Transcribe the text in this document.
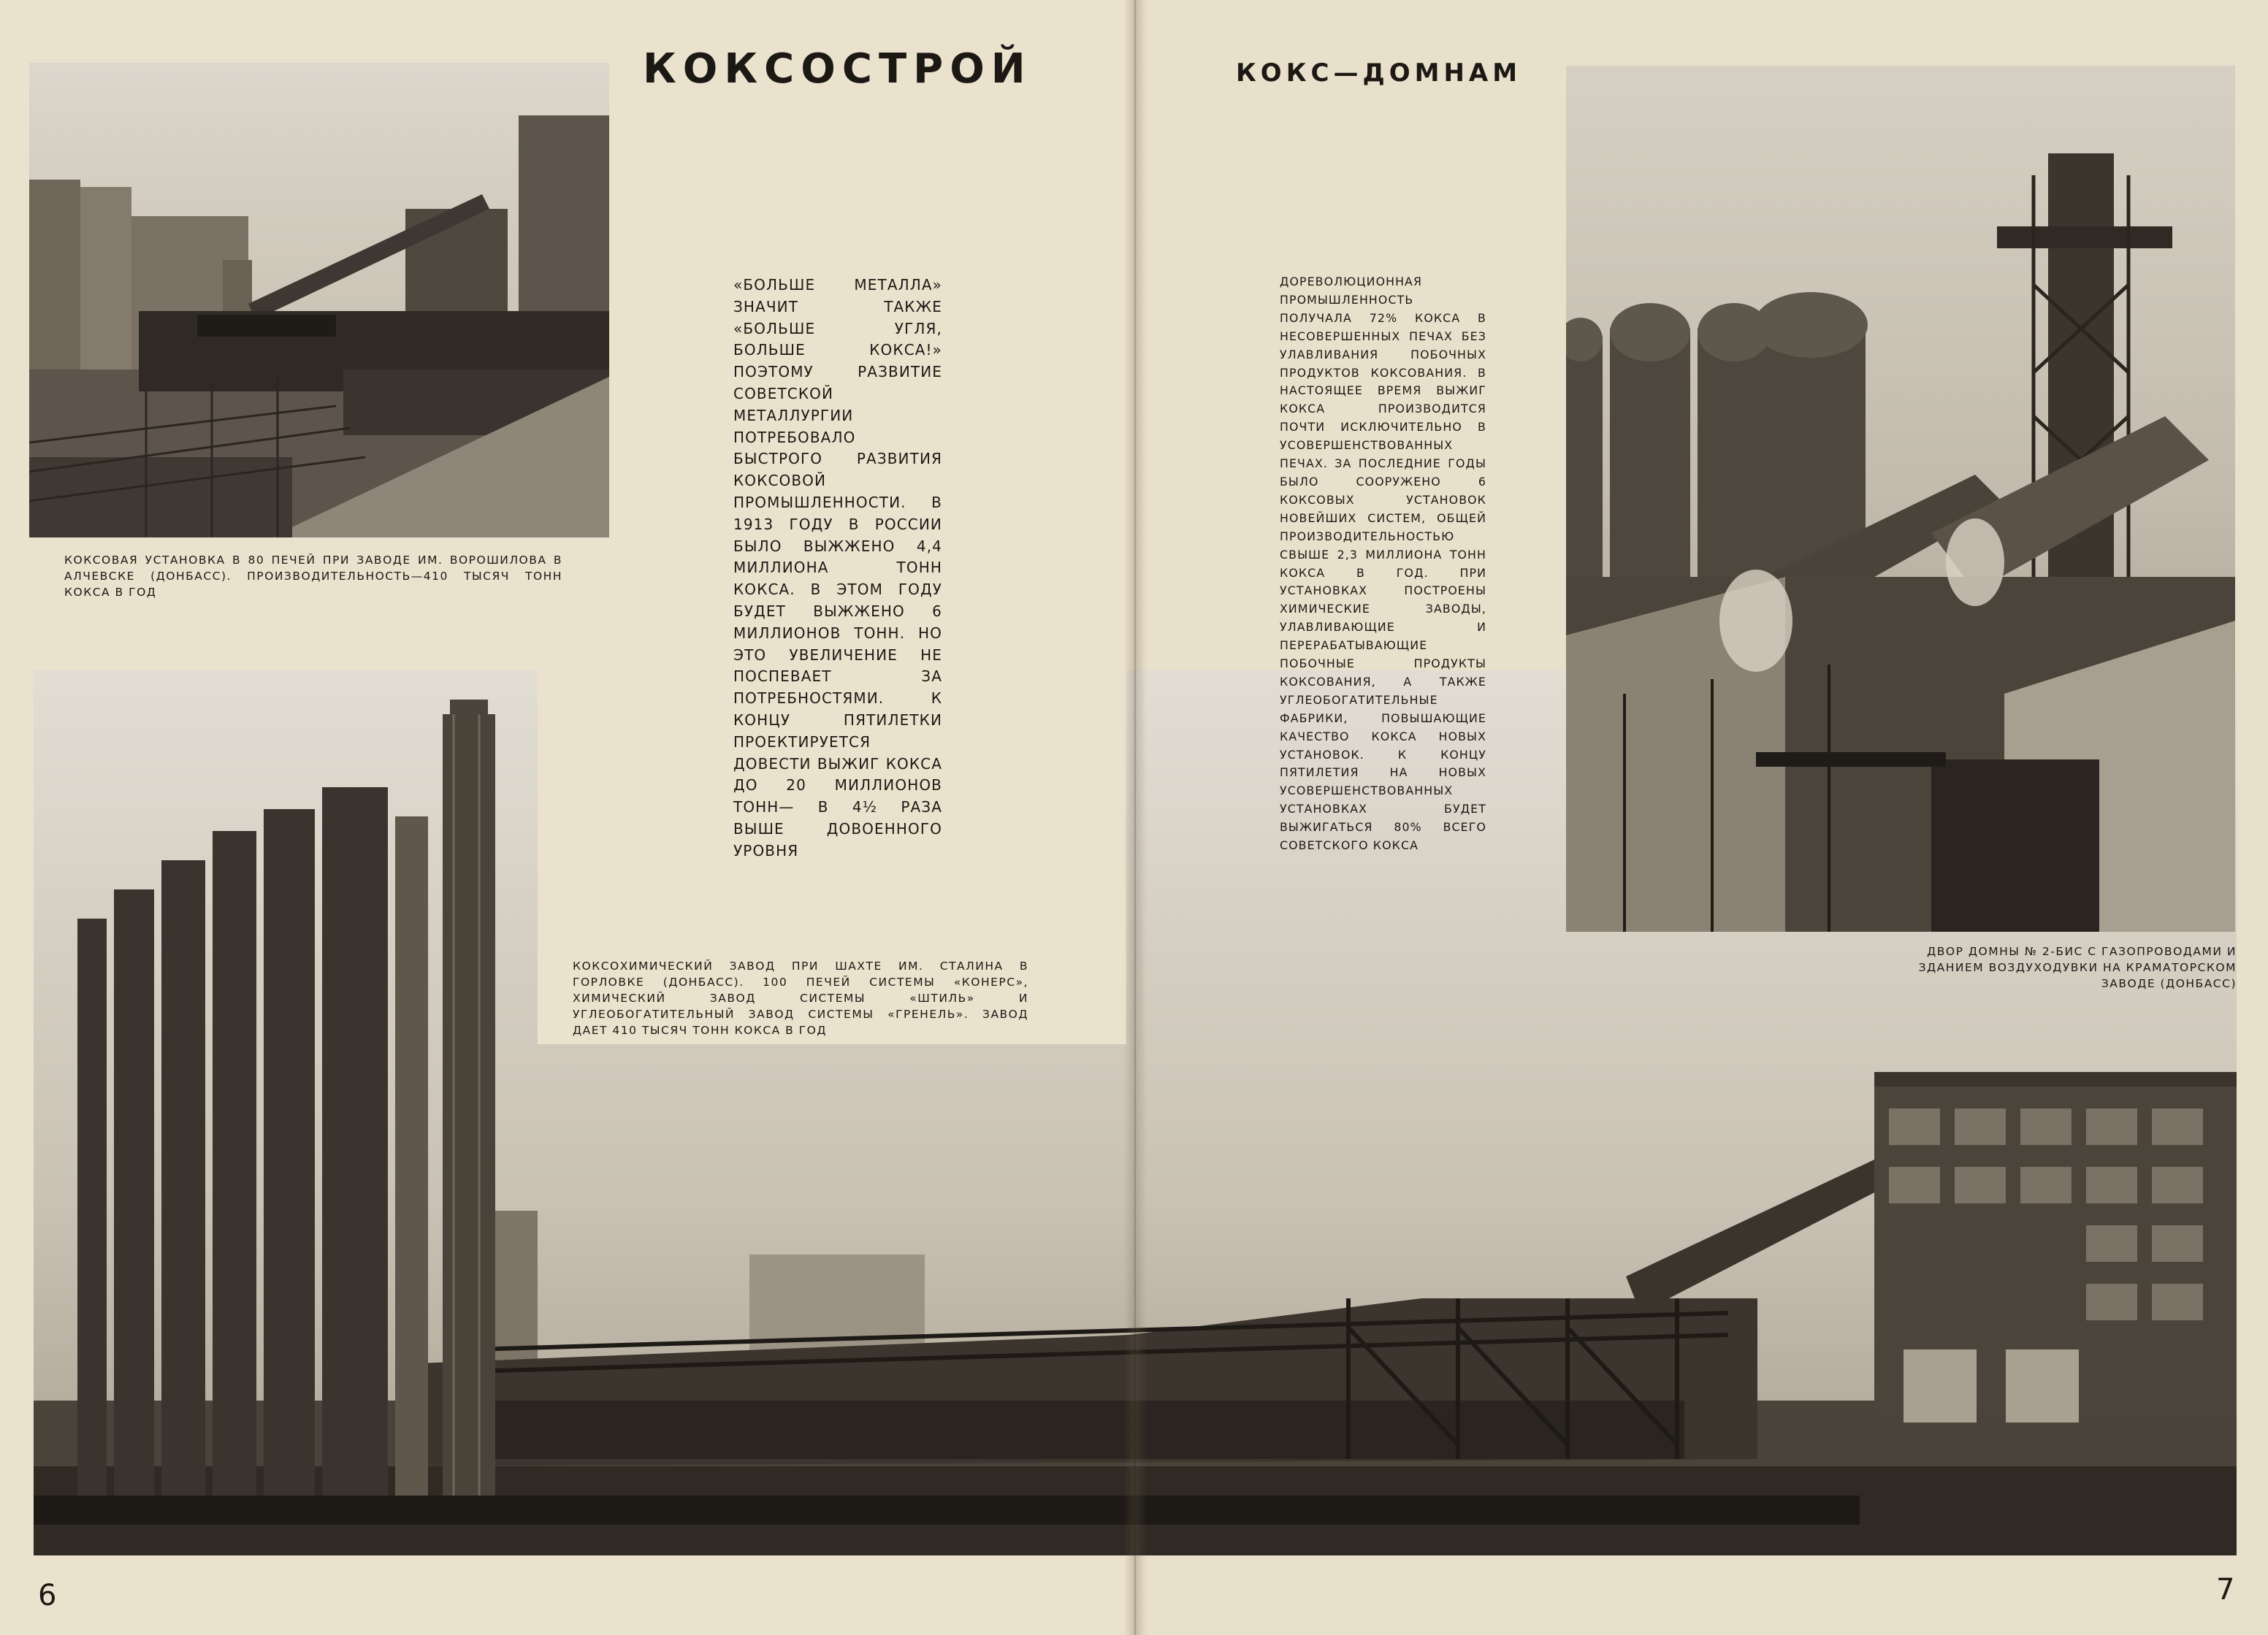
КОКСОСТРОЙ	КОКС—ДОМНАМ

«БОЛЬШЕ МЕТАЛЛА» ЗНАЧИТ ТАКЖЕ «БОЛЬШЕ УГЛЯ, БОЛЬШЕ КОКСА!» ПОЭТОМУ РАЗВИТИЕ СОВЕТСКОЙ МЕТАЛЛУРГИИ ПОТРЕБОВАЛО БЫСТРОГО РАЗВИТИЯ КОКСОВОЙ ПРОМЫШЛЕННОСТИ. В 1913 ГОДУ В РОССИИ БЫЛО ВЫЖЖЕНО 4,4 МИЛЛИОНА ТОНН КОКСА. В ЭТОМ ГОДУ БУДЕТ ВЫЖЖЕНО 6 МИЛЛИОНОВ ТОНН. НО ЭТО УВЕЛИЧЕНИЕ НЕ ПОСПЕВАЕТ ЗА ПОТРЕБНОСТЯМИ. К КОНЦУ ПЯТИЛЕТКИ ПРОЕКТИРУЕТСЯ ДОВЕСТИ ВЫЖИГ КОКСА ДО 20 МИЛЛИОНОВ ТОНН— В 4½ РАЗА ВЫШЕ ДОВОЕННОГО УРОВНЯ

ДОРЕВОЛЮЦИОННАЯ ПРОМЫШЛЕННОСТЬ ПОЛУЧАЛА 72% КОКСА В НЕСОВЕРШЕННЫХ ПЕЧАХ БЕЗ УЛАВЛИВАНИЯ ПОБОЧНЫХ ПРОДУКТОВ КОКСОВАНИЯ. В НАСТОЯЩЕЕ ВРЕМЯ ВЫЖИГ КОКСА ПРОИЗВОДИТСЯ ПОЧТИ ИСКЛЮЧИТЕЛЬНО В УСОВЕРШЕНСТВОВАННЫХ ПЕЧАХ. ЗА ПОСЛЕДНИЕ ГОДЫ БЫЛО СООРУЖЕНО 6 КОКСОВЫХ УСТАНОВОК НОВЕЙШИХ СИСТЕМ, ОБЩЕЙ ПРОИЗВОДИТЕЛЬНОСТЬЮ СВЫШЕ 2,3 МИЛЛИОНА ТОНН КОКСА В ГОД. ПРИ УСТАНОВКАХ ПОСТРОЕНЫ ХИМИЧЕСКИЕ ЗАВОДЫ, УЛАВЛИВАЮЩИЕ И ПЕРЕРАБАТЫВАЮЩИЕ ПОБОЧНЫЕ ПРОДУКТЫ КОКСОВАНИЯ, А ТАКЖЕ УГЛЕОБОГАТИТЕЛЬНЫЕ ФАБРИКИ, ПОВЫШАЮЩИЕ КАЧЕСТВО КОКСА НОВЫХ УСТАНОВОК. К КОНЦУ ПЯТИЛЕТИЯ НА НОВЫХ УСОВЕРШЕНСТВОВАННЫХ УСТАНОВКАХ БУДЕТ ВЫЖИГАТЬСЯ 80% ВСЕГО СОВЕТСКОГО КОКСА

КОКСОВАЯ УСТАНОВКА В 80 ПЕЧЕЙ ПРИ ЗАВОДЕ ИМ. ВОРОШИЛОВА В АЛЧЕВСКЕ (ДОНБАСС). ПРОИЗВОДИТЕЛЬНОСТЬ—410 ТЫСЯЧ ТОНН КОКСА В ГОД

КОКСОХИМИЧЕСКИЙ ЗАВОД ПРИ ШАХТЕ ИМ. СТАЛИНА В ГОРЛОВКЕ (ДОНБАСС). 100 ПЕЧЕЙ СИСТЕМЫ «КОНЕРС», ХИМИЧЕСКИЙ ЗАВОД СИСТЕМЫ «ШТИЛЬ» И УГЛЕОБОГАТИТЕЛЬНЫЙ ЗАВОД СИСТЕМЫ «ГРЕНЕЛЬ». ЗАВОД ДАЕТ 410 ТЫСЯЧ ТОНН КОКСА В ГОД

ДВОР ДОМНЫ № 2-БИС С ГАЗОПРОВОДАМИ И ЗДАНИЕМ ВОЗДУХОДУВКИ НА КРАМАТОРСКОМ ЗАВОДЕ (ДОНБАСС)

6	7
